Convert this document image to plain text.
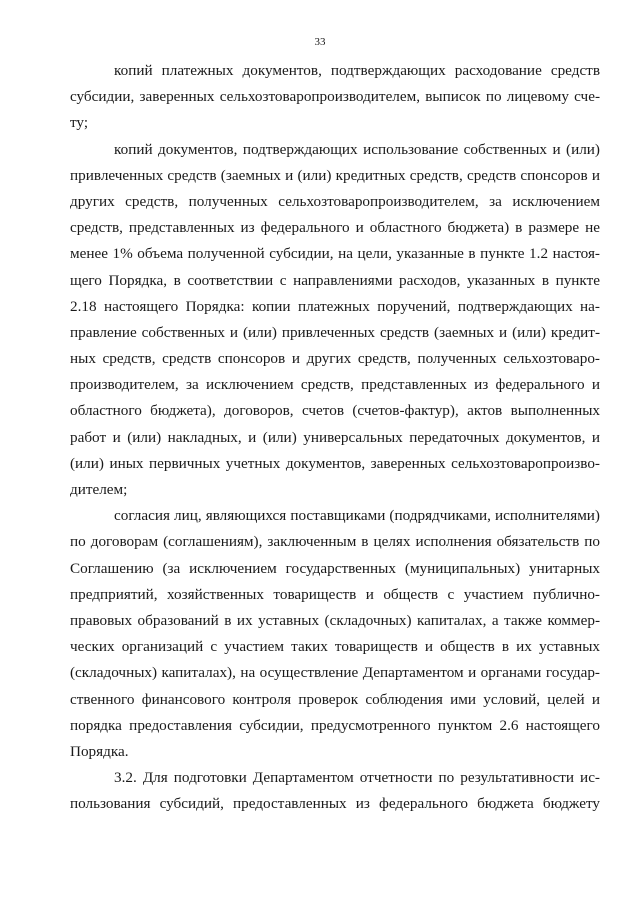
33
копий платежных документов, подтверждающих расходование средств
субсидии, заверенных сельхозтоваропроизводителем, выписок по лицевому сче-
ту;
копий документов, подтверждающих использование собственных и (или)
привлеченных средств (заемных и (или) кредитных средств, средств спонсоров и
других средств, полученных сельхозтоваропроизводителем, за исключением
средств, представленных из федерального и областного бюджета) в размере не
менее 1% объема полученной субсидии, на цели, указанные в пункте 1.2 настоя-
щего Порядка, в соответствии с направлениями расходов, указанных в пункте
2.18 настоящего Порядка: копии платежных поручений, подтверждающих на-
правление собственных и (или) привлеченных средств (заемных и (или) кредит-
ных средств, средств спонсоров и других средств, полученных сельхозтоваро-
производителем, за исключением средств, представленных из федерального и
областного бюджета), договоров, счетов (счетов-фактур), актов выполненных
работ и (или) накладных, и (или) универсальных передаточных документов, и
(или) иных первичных учетных документов, заверенных сельхозтоваропроизво-
дителем;
согласия лиц, являющихся поставщиками (подрядчиками, исполнителями)
по договорам (соглашениям), заключенным в целях исполнения обязательств по
Соглашению (за исключением государственных (муниципальных) унитарных
предприятий, хозяйственных товариществ и обществ с участием публично-
правовых образований в их уставных (складочных) капиталах, а также коммер-
ческих организаций с участием таких товариществ и обществ в их уставных
(складочных) капиталах), на осуществление Департаментом и органами государ-
ственного финансового контроля проверок соблюдения ими условий, целей и
порядка предоставления субсидии, предусмотренного пунктом 2.6 настоящего
Порядка.
3.2. Для подготовки Департаментом отчетности по результативности ис-
пользования субсидий, предоставленных из федерального бюджета бюджету
